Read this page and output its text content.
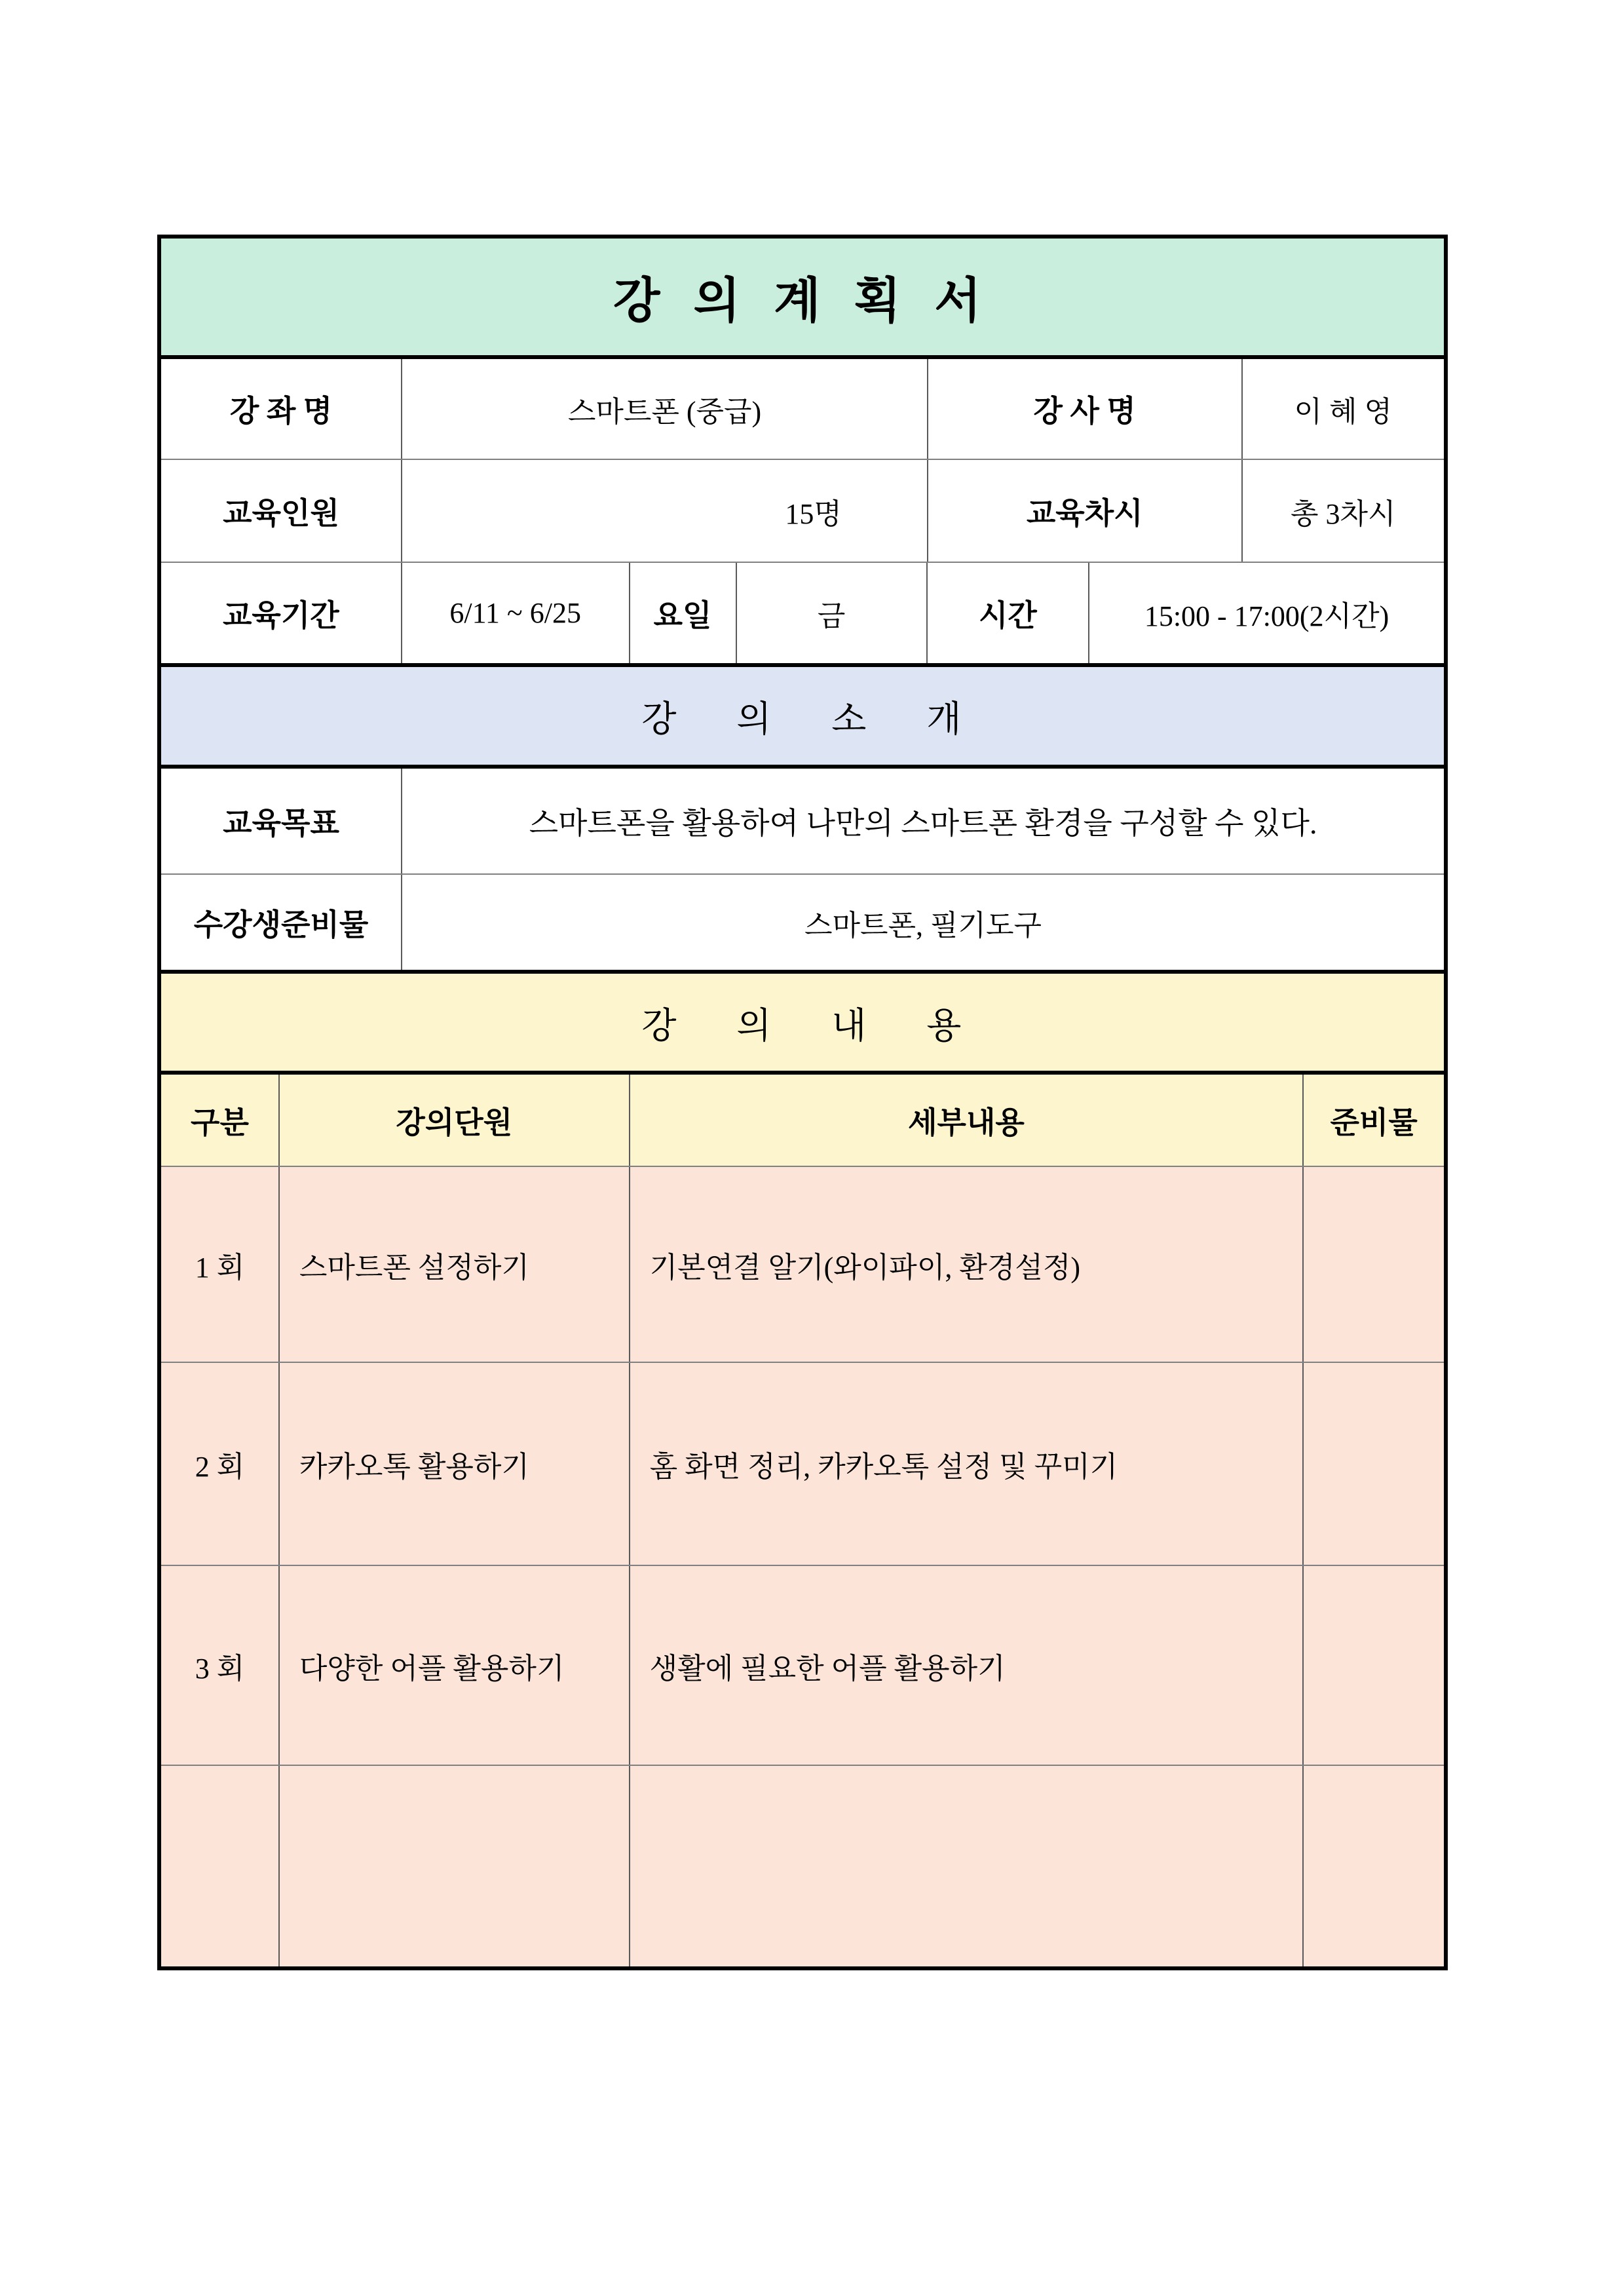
강 의 계 획 서
강 좌 명	스마트폰 (중급)	강 사 명	이 혜 영
교육인원	15명	교육차시	총 3차시
교육기간	6/11 ~ 6/25	요일	금	시간	15:00 - 17:00(2시간)
강 의 소 개
교육목표	스마트폰을 활용하여 나만의 스마트폰 환경을 구성할 수 있다.
수강생준비물	스마트폰, 필기도구
강 의 내 용
구분	강의단원	세부내용	준비물
1 회	스마트폰 설정하기	기본연결 알기(와이파이, 환경설정)
2 회	카카오톡 활용하기	홈 화면 정리, 카카오톡 설정 및 꾸미기
3 회	다양한 어플 활용하기	생활에 필요한 어플 활용하기
